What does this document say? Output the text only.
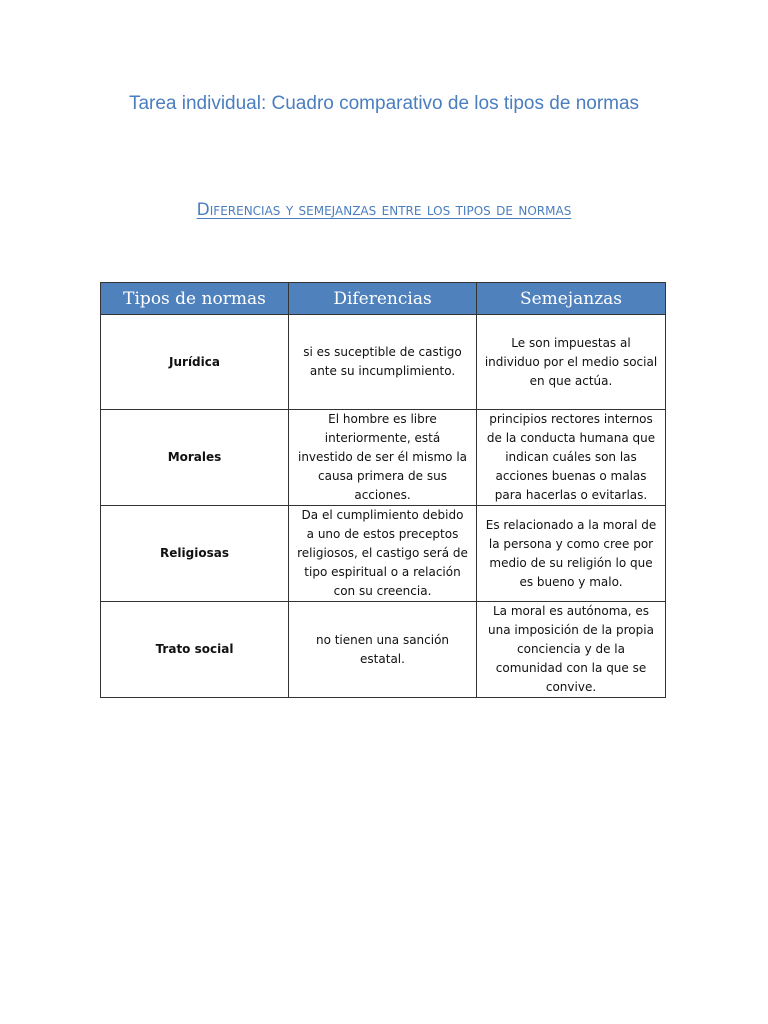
Tarea individual: Cuadro comparativo de los tipos de normas
Diferencias y semejanzas entre los tipos de normas
Tipos de normas	Diferencias	Semejanzas
Jurídica	si es suceptible de castigo ante su incumplimiento.	Le son impuestas al individuo por el medio social en que actúa.
Morales	El hombre es libre interiormente, está investido de ser él mismo la causa primera de sus acciones.	principios rectores internos de la conducta humana que indican cuáles son las acciones buenas o malas para hacerlas o evitarlas.
Religiosas	Da el cumplimiento debido a uno de estos preceptos religiosos, el castigo será de tipo espiritual o a relación con su creencia.	Es relacionado a la moral de la persona y como cree por medio de su religión lo que es bueno y malo.
Trato social	no tienen una sanción estatal.	La moral es autónoma, es una imposición de la propia conciencia y de la comunidad con la que se convive.
